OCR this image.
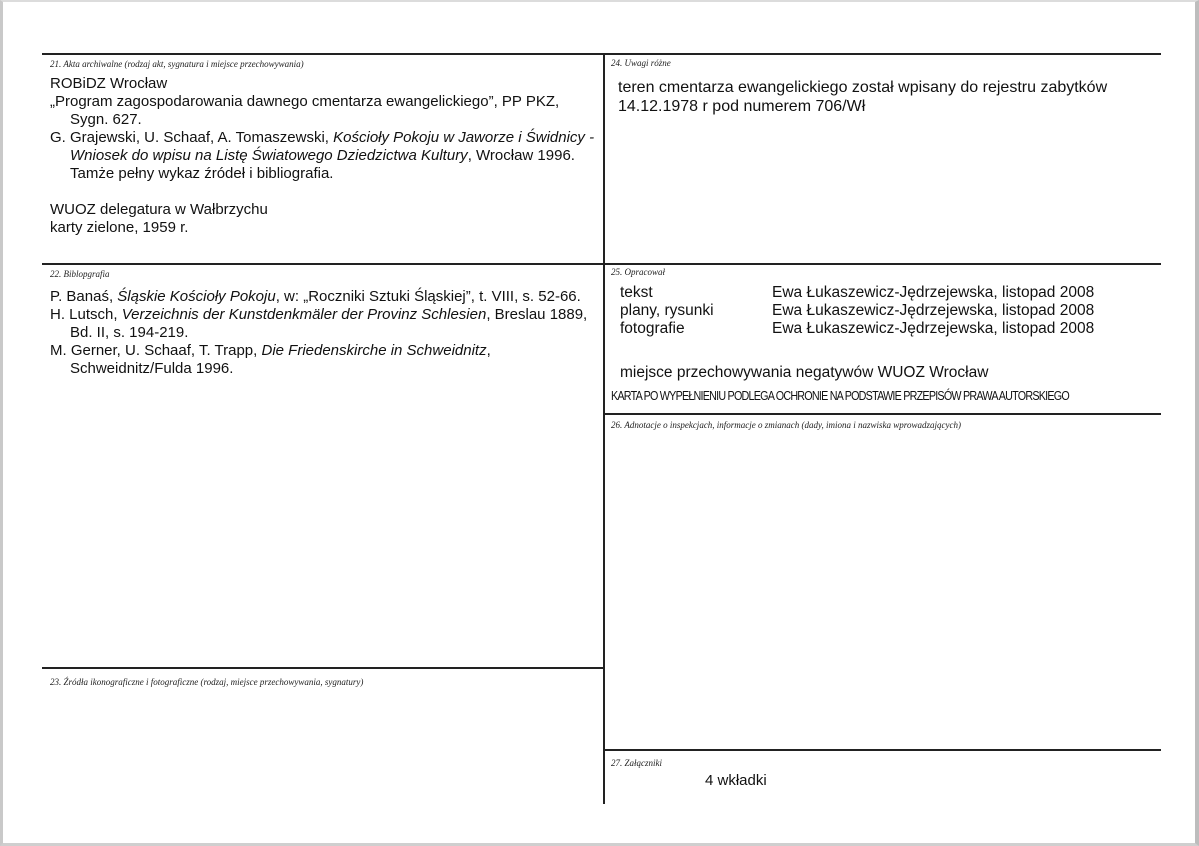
21. Akta archiwalne (rodzaj akt, sygnatura i miejsce przechowywania)

ROBiDZ Wrocław

„Program zagospodarowania dawnego cmentarza ewangelickiego”, PP PKZ, Sygn. 627.

G. Grajewski, U. Schaaf, A. Tomaszewski, Kościoły Pokoju w Jaworze i Świdnicy - Wniosek do wpisu na Listę Światowego Dziedzictwa Kultury, Wrocław 1996. Tamże pełny wykaz źródeł i bibliografia.

WUOZ delegatura w Wałbrzychu

karty zielone, 1959 r.

22. Biblopgrafia

P. Banaś, Śląskie Kościoły Pokoju, w: „Roczniki Sztuki Śląskiej”, t. VIII, s. 52-66.

H. Lutsch, Verzeichnis der Kunstdenkmäler der Provinz Schlesien, Breslau 1889, Bd. II, s. 194-219.

M. Gerner, U. Schaaf, T. Trapp, Die Friedenskirche in Schweidnitz, Schweidnitz/Fulda 1996.

23. Źródła ikonograficzne i fotograficzne (rodzaj, miejsce przechowywania, sygnatury)
24. Uwagi różne
teren cmentarza ewangelickiego został wpisany do rejestru zabytków 14.12.1978 r pod numerem 706/Wł
25. Opracował
tekst	Ewa Łukaszewicz-Jędrzejewska, listopad 2008
plany, rysunki	Ewa Łukaszewicz-Jędrzejewska, listopad 2008
fotografie	Ewa Łukaszewicz-Jędrzejewska, listopad 2008
miejsce przechowywania negatywów WUOZ Wrocław
KARTA PO WYPEŁNIENIU PODLEGA OCHRONIE NA PODSTAWIE PRZEPISÓW PRAWA AUTORSKIEGO
26. Adnotacje o inspekcjach, informacje o zmianach (dady, imiona i nazwiska wprowadzających)
27. Załączniki
4 wkładki
